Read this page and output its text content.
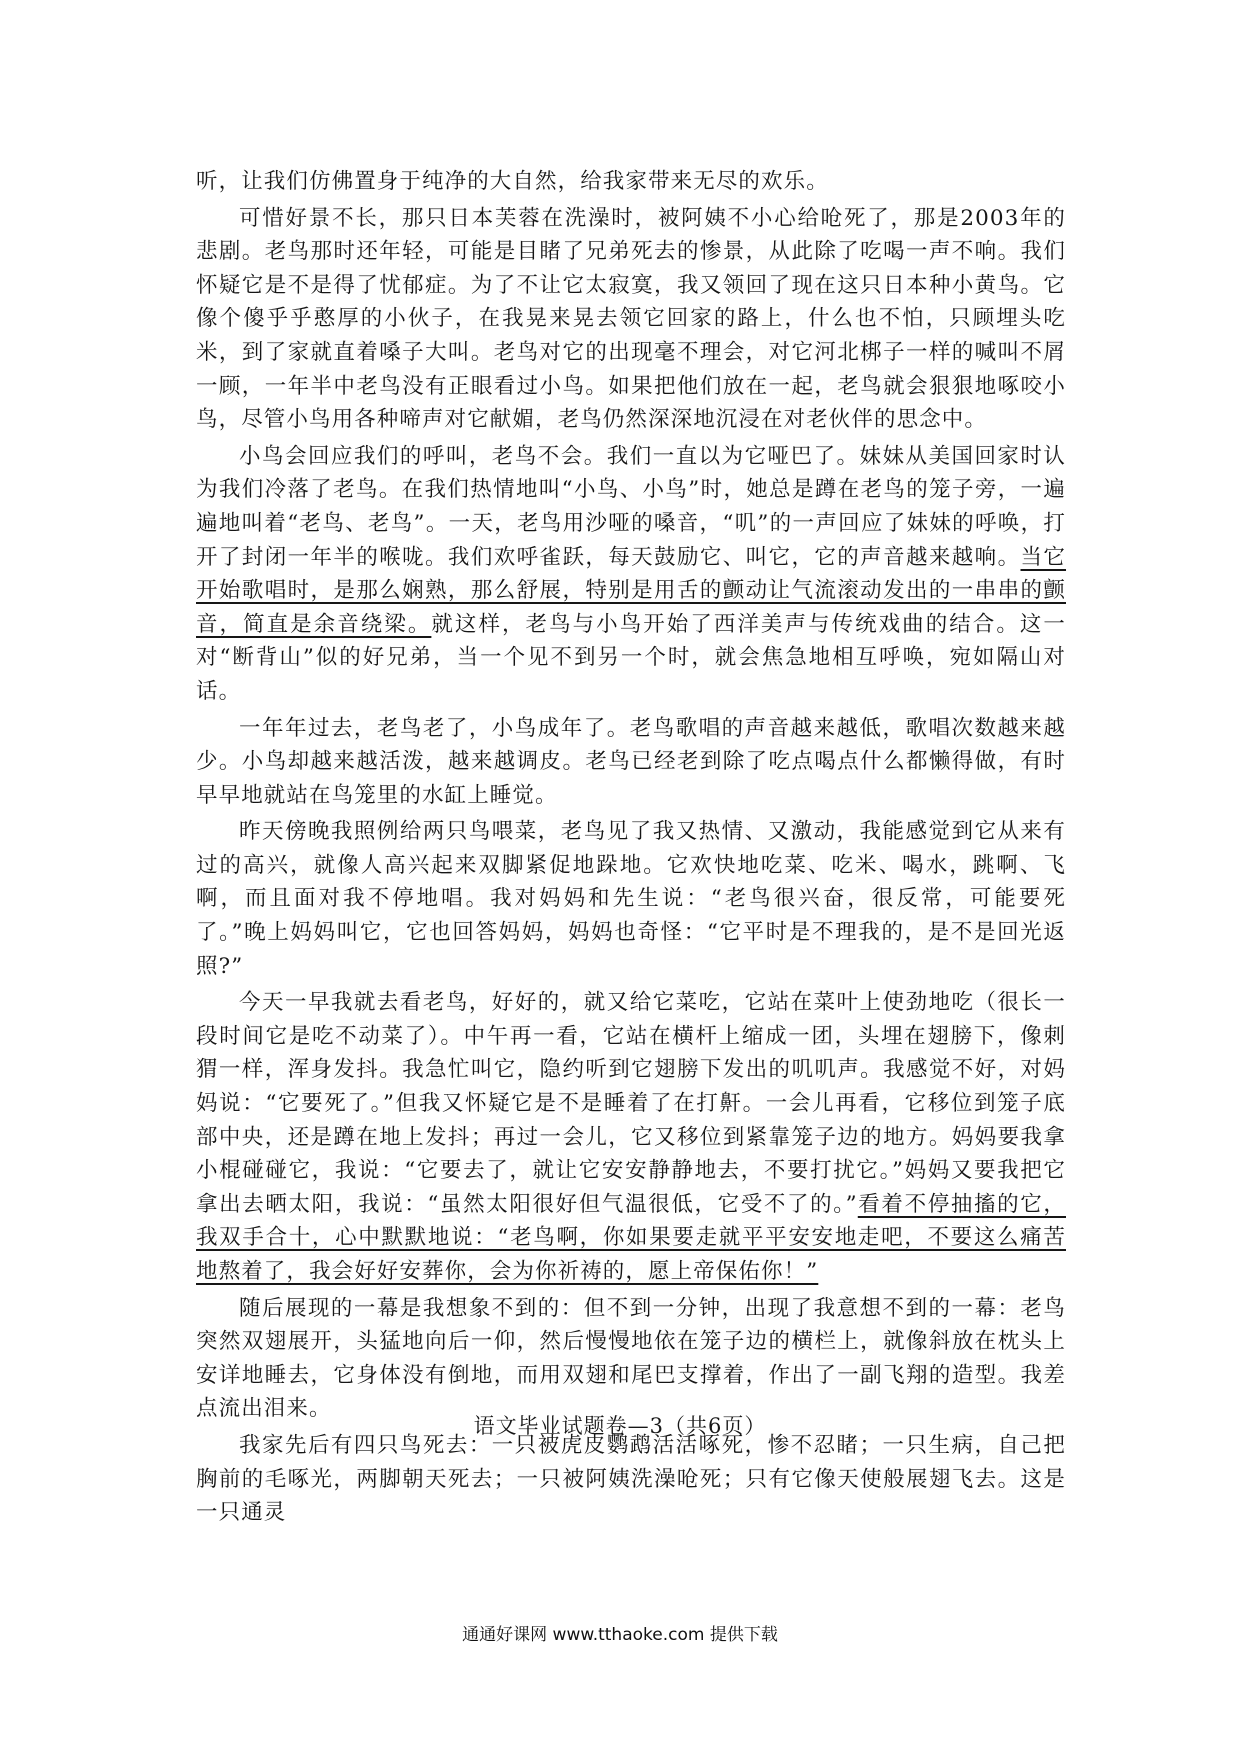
听，让我们仿佛置身于纯净的大自然，给我家带来无尽的欢乐。

可惜好景不长，那只日本芙蓉在洗澡时，被阿姨不小心给呛死了，那是2003年的悲剧。老鸟那时还年轻，可能是目睹了兄弟死去的惨景，从此除了吃喝一声不响。我们怀疑它是不是得了忧郁症。为了不让它太寂寞，我又领回了现在这只日本种小黄鸟。它像个傻乎乎憨厚的小伙子，在我晃来晃去领它回家的路上，什么也不怕，只顾埋头吃米，到了家就直着嗓子大叫。老鸟对它的出现毫不理会，对它河北梆子一样的喊叫不屑一顾，一年半中老鸟没有正眼看过小鸟。如果把他们放在一起，老鸟就会狠狠地啄咬小鸟，尽管小鸟用各种啼声对它献媚，老鸟仍然深深地沉浸在对老伙伴的思念中。

小鸟会回应我们的呼叫，老鸟不会。我们一直以为它哑巴了。妹妹从美国回家时认为我们冷落了老鸟。在我们热情地叫“小鸟、小鸟”时，她总是蹲在老鸟的笼子旁，一遍遍地叫着“老鸟、老鸟”。一天，老鸟用沙哑的嗓音，“叽”的一声回应了妹妹的呼唤，打开了封闭一年半的喉咙。我们欢呼雀跃，每天鼓励它、叫它，它的声音越来越响。当它开始歌唱时，是那么娴熟，那么舒展，特别是用舌的颤动让气流滚动发出的一串串的颤音，简直是余音绕梁。就这样，老鸟与小鸟开始了西洋美声与传统戏曲的结合。这一对“断背山”似的好兄弟，当一个见不到另一个时，就会焦急地相互呼唤，宛如隔山对话。

一年年过去，老鸟老了，小鸟成年了。老鸟歌唱的声音越来越低，歌唱次数越来越少。小鸟却越来越活泼，越来越调皮。老鸟已经老到除了吃点喝点什么都懒得做，有时早早地就站在鸟笼里的水缸上睡觉。

昨天傍晚我照例给两只鸟喂菜，老鸟见了我又热情、又激动，我能感觉到它从来有过的高兴，就像人高兴起来双脚紧促地跺地。它欢快地吃菜、吃米、喝水，跳啊、飞啊，而且面对我不停地唱。我对妈妈和先生说：“老鸟很兴奋，很反常，可能要死了。”晚上妈妈叫它，它也回答妈妈，妈妈也奇怪：“它平时是不理我的，是不是回光返照?”

今天一早我就去看老鸟，好好的，就又给它菜吃，它站在菜叶上使劲地吃（很长一段时间它是吃不动菜了）。中午再一看，它站在横杆上缩成一团，头埋在翅膀下，像刺猬一样，浑身发抖。我急忙叫它，隐约听到它翅膀下发出的叽叽声。我感觉不好，对妈妈说：“它要死了。”但我又怀疑它是不是睡着了在打鼾。一会儿再看，它移位到笼子底部中央，还是蹲在地上发抖；再过一会儿，它又移位到紧靠笼子边的地方。妈妈要我拿小棍碰碰它，我说：“它要去了，就让它安安静静地去，不要打扰它。”妈妈又要我把它拿出去晒太阳，我说：“虽然太阳很好但气温很低，它受不了的。”看着不停抽搐的它，我双手合十，心中默默地说：“老鸟啊，你如果要走就平平安安地走吧，不要这么痛苦地熬着了，我会好好安葬你，会为你祈祷的，愿上帝保佑你！”

随后展现的一幕是我想象不到的：但不到一分钟，出现了我意想不到的一幕：老鸟突然双翅展开，头猛地向后一仰，然后慢慢地依在笼子边的横栏上，就像斜放在枕头上安详地睡去，它身体没有倒地，而用双翅和尾巴支撑着，作出了一副飞翔的造型。我差点流出泪来。

我家先后有四只鸟死去：一只被虎皮鹦鹉活活啄死，惨不忍睹；一只生病，自己把胸前的毛啄光，两脚朝天死去；一只被阿姨洗澡呛死；只有它像天使般展翅飞去。这是一只通灵

语文毕业试题卷—3（共6页）
通通好课网 www.tthaoke.com 提供下载
